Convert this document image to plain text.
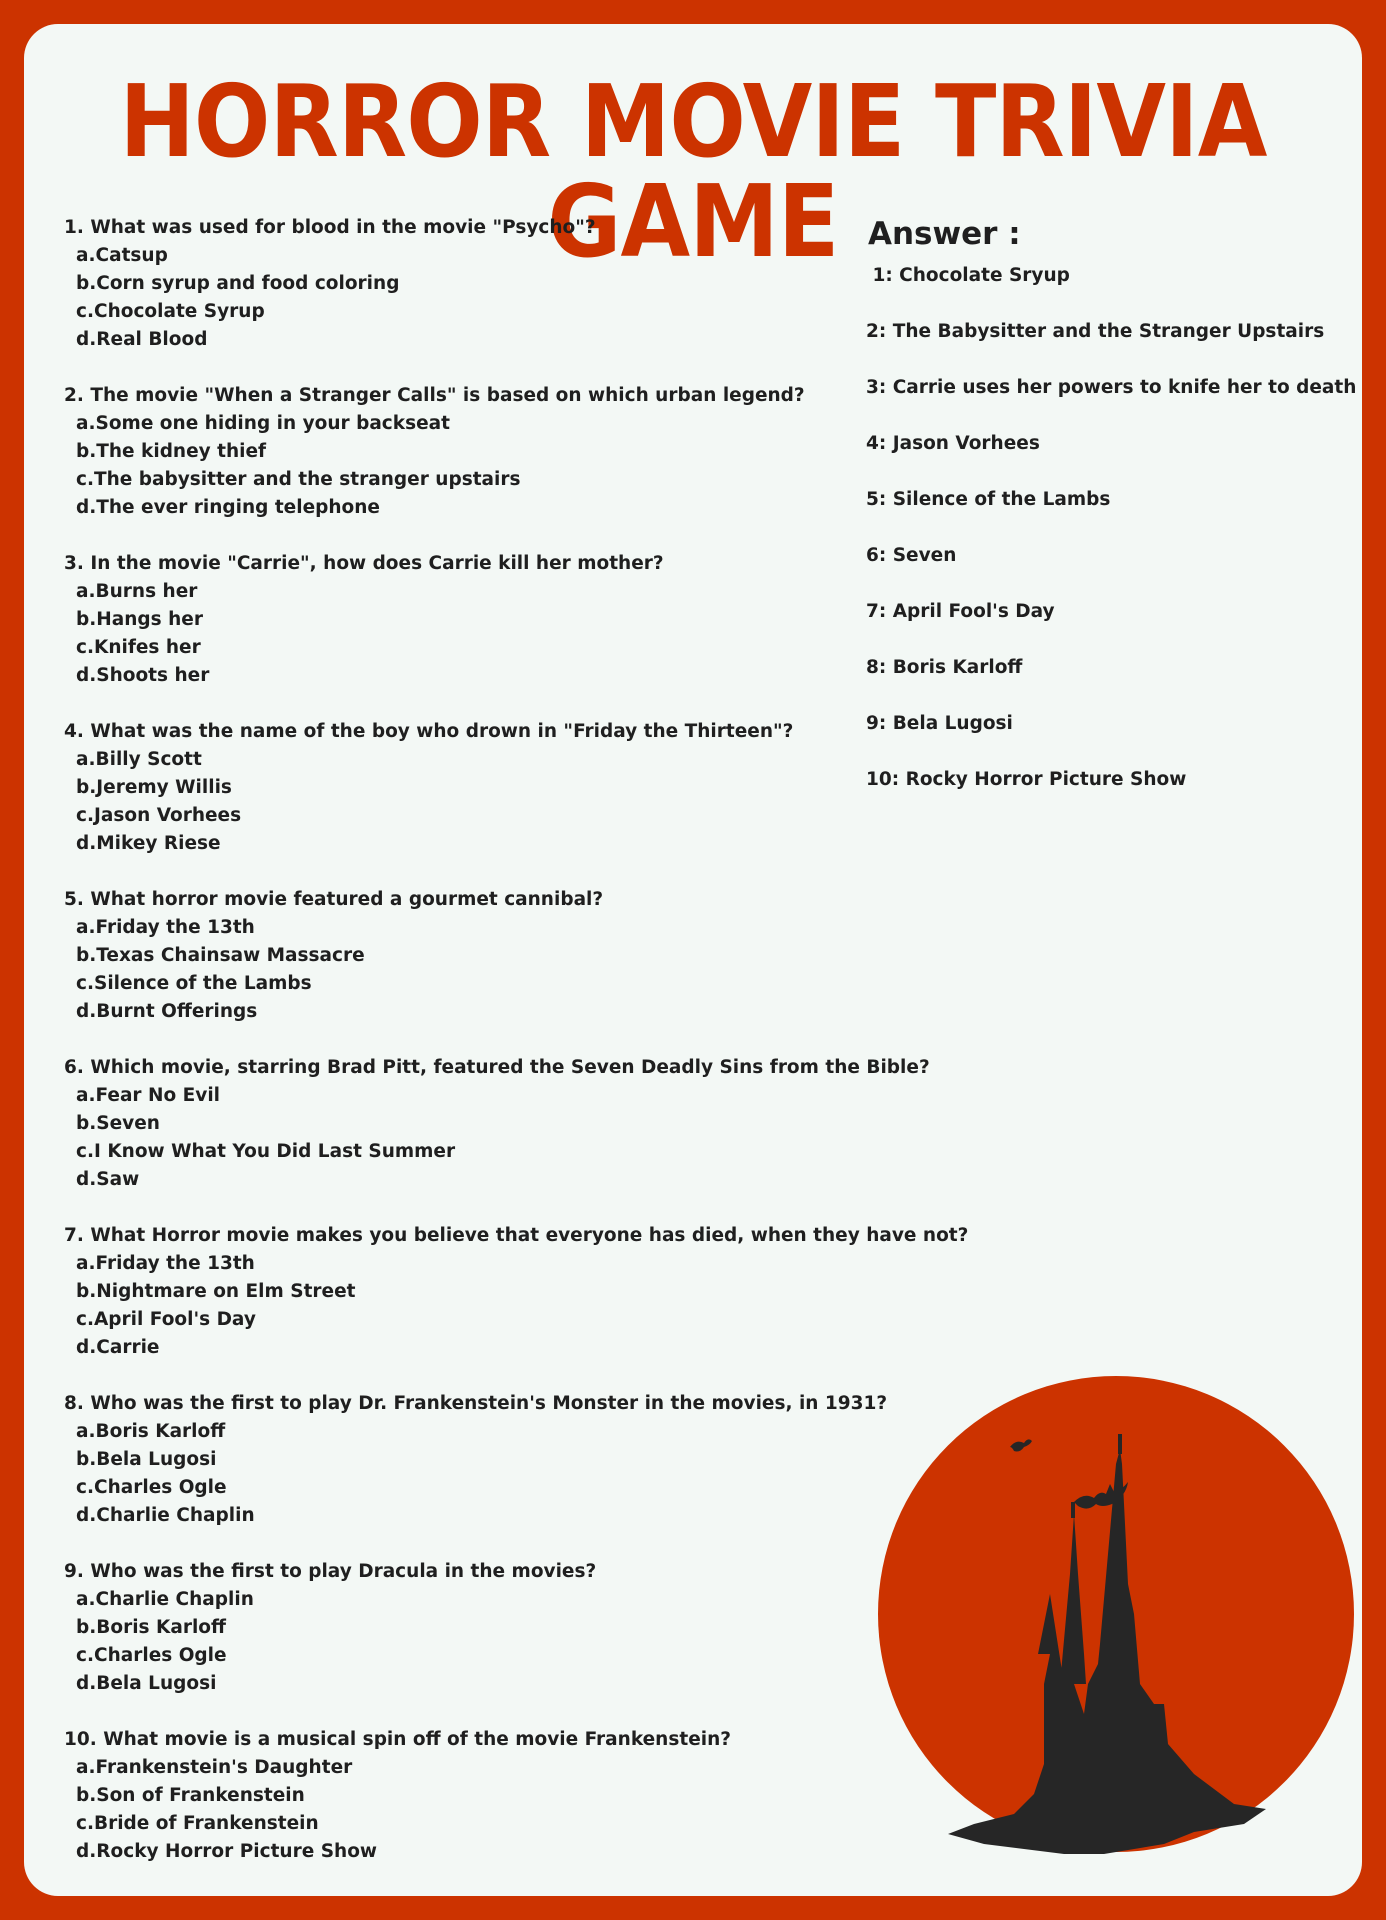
HORROR MOVIE TRIVIA GAME
1. What was used for blood in the movie "Psycho"?
a.Catsup
b.Corn syrup and food coloring
c.Chocolate Syrup
d.Real Blood
2. The movie "When a Stranger Calls" is based on which urban legend?
a.Some one hiding in your backseat
b.The kidney thief
c.The babysitter and the stranger upstairs
d.The ever ringing telephone
3. In the movie "Carrie", how does Carrie kill her mother?
a.Burns her
b.Hangs her
c.Knifes her
d.Shoots her
4. What was the name of the boy who drown in "Friday the Thirteen"?
a.Billy Scott
b.Jeremy Willis
c.Jason Vorhees
d.Mikey Riese
5. What horror movie featured a gourmet cannibal?
a.Friday the 13th
b.Texas Chainsaw Massacre
c.Silence of the Lambs
d.Burnt Offerings
6. Which movie, starring Brad Pitt, featured the Seven Deadly Sins from the Bible?
a.Fear No Evil
b.Seven
c.I Know What You Did Last Summer
d.Saw
7. What Horror movie makes you believe that everyone has died, when they have not?
a.Friday the 13th
b.Nightmare on Elm Street
c.April Fool's Day
d.Carrie
8. Who was the first to play Dr. Frankenstein's Monster in the movies, in 1931?
a.Boris Karloff
b.Bela Lugosi
c.Charles Ogle
d.Charlie Chaplin
9. Who was the first to play Dracula in the movies?
a.Charlie Chaplin
b.Boris Karloff
c.Charles Ogle
d.Bela Lugosi
10. What movie is a musical spin off of the movie Frankenstein?
a.Frankenstein's Daughter
b.Son of Frankenstein
c.Bride of Frankenstein
d.Rocky Horror Picture Show
Answer :
1: Chocolate Sryup
2: The Babysitter and the Stranger Upstairs
3: Carrie uses her powers to knife her to death
4: Jason Vorhees
5: Silence of the Lambs
6: Seven
7: April Fool's Day
8: Boris Karloff
9: Bela Lugosi
10: Rocky Horror Picture Show
